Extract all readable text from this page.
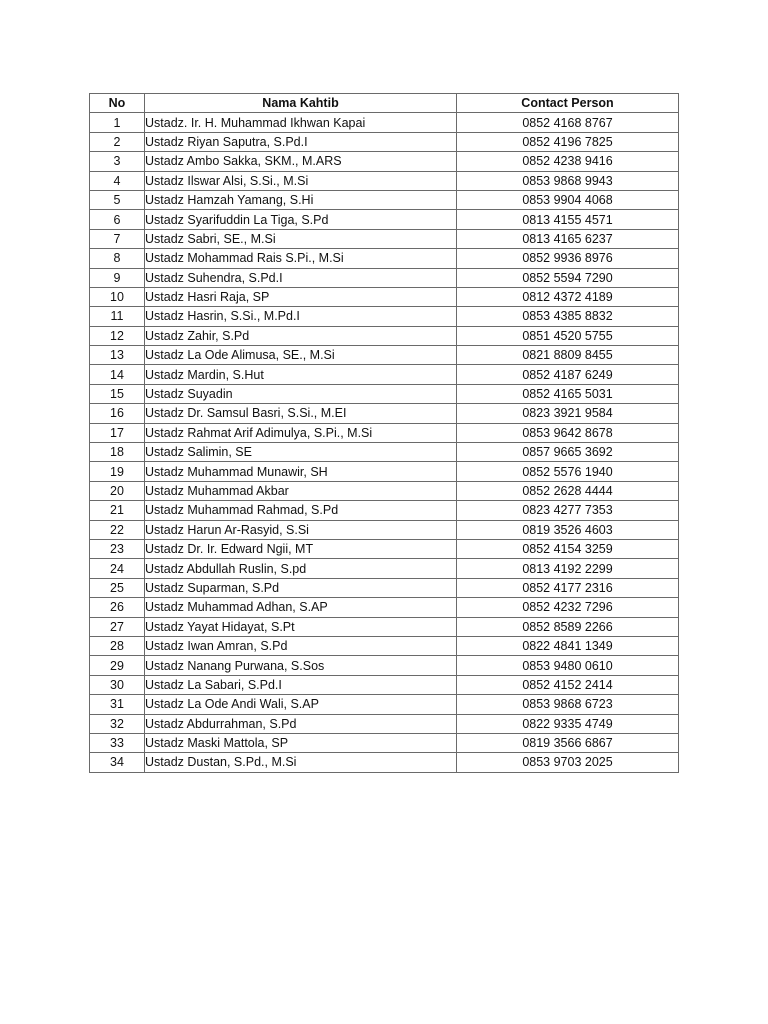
No	Nama Kahtib	Contact Person
1	Ustadz. Ir. H. Muhammad Ikhwan Kapai	0852 4168 8767
2	Ustadz Riyan Saputra, S.Pd.I	0852 4196 7825
3	Ustadz Ambo Sakka, SKM., M.ARS	0852 4238 9416
4	Ustadz Ilswar Alsi, S.Si., M.Si	0853 9868 9943
5	Ustadz Hamzah Yamang, S.Hi	0853 9904 4068
6	Ustadz Syarifuddin La Tiga, S.Pd	0813 4155 4571
7	Ustadz Sabri, SE., M.Si	0813 4165 6237
8	Ustadz Mohammad Rais S.Pi., M.Si	0852 9936 8976
9	Ustadz Suhendra, S.Pd.I	0852 5594 7290
10	Ustadz Hasri Raja, SP	0812 4372 4189
11	Ustadz Hasrin, S.Si., M.Pd.I	0853 4385 8832
12	Ustadz Zahir, S.Pd	0851 4520 5755
13	Ustadz La Ode Alimusa, SE., M.Si	0821 8809 8455
14	Ustadz Mardin, S.Hut	0852 4187 6249
15	Ustadz Suyadin	0852 4165 5031
16	Ustadz Dr. Samsul Basri, S.Si., M.EI	0823 3921 9584
17	Ustadz Rahmat Arif Adimulya, S.Pi., M.Si	0853 9642 8678
18	Ustadz Salimin, SE	0857 9665 3692
19	Ustadz Muhammad Munawir, SH	0852 5576 1940
20	Ustadz Muhammad Akbar	0852 2628 4444
21	Ustadz Muhammad Rahmad, S.Pd	0823 4277 7353
22	Ustadz Harun Ar-Rasyid, S.Si	0819 3526 4603
23	Ustadz Dr. Ir. Edward Ngii, MT	0852 4154 3259
24	Ustadz Abdullah Ruslin, S.pd	0813 4192 2299
25	Ustadz Suparman, S.Pd	0852 4177 2316
26	Ustadz Muhammad Adhan, S.AP	0852 4232 7296
27	Ustadz Yayat Hidayat, S.Pt	0852 8589 2266
28	Ustadz Iwan Amran, S.Pd	0822 4841 1349
29	Ustadz Nanang Purwana, S.Sos	0853 9480 0610
30	Ustadz La Sabari, S.Pd.I	0852 4152 2414
31	Ustadz La Ode Andi Wali, S.AP	0853 9868 6723
32	Ustadz Abdurrahman, S.Pd	0822 9335 4749
33	Ustadz Maski Mattola, SP	0819 3566 6867
34	Ustadz Dustan, S.Pd., M.Si	0853 9703 2025
